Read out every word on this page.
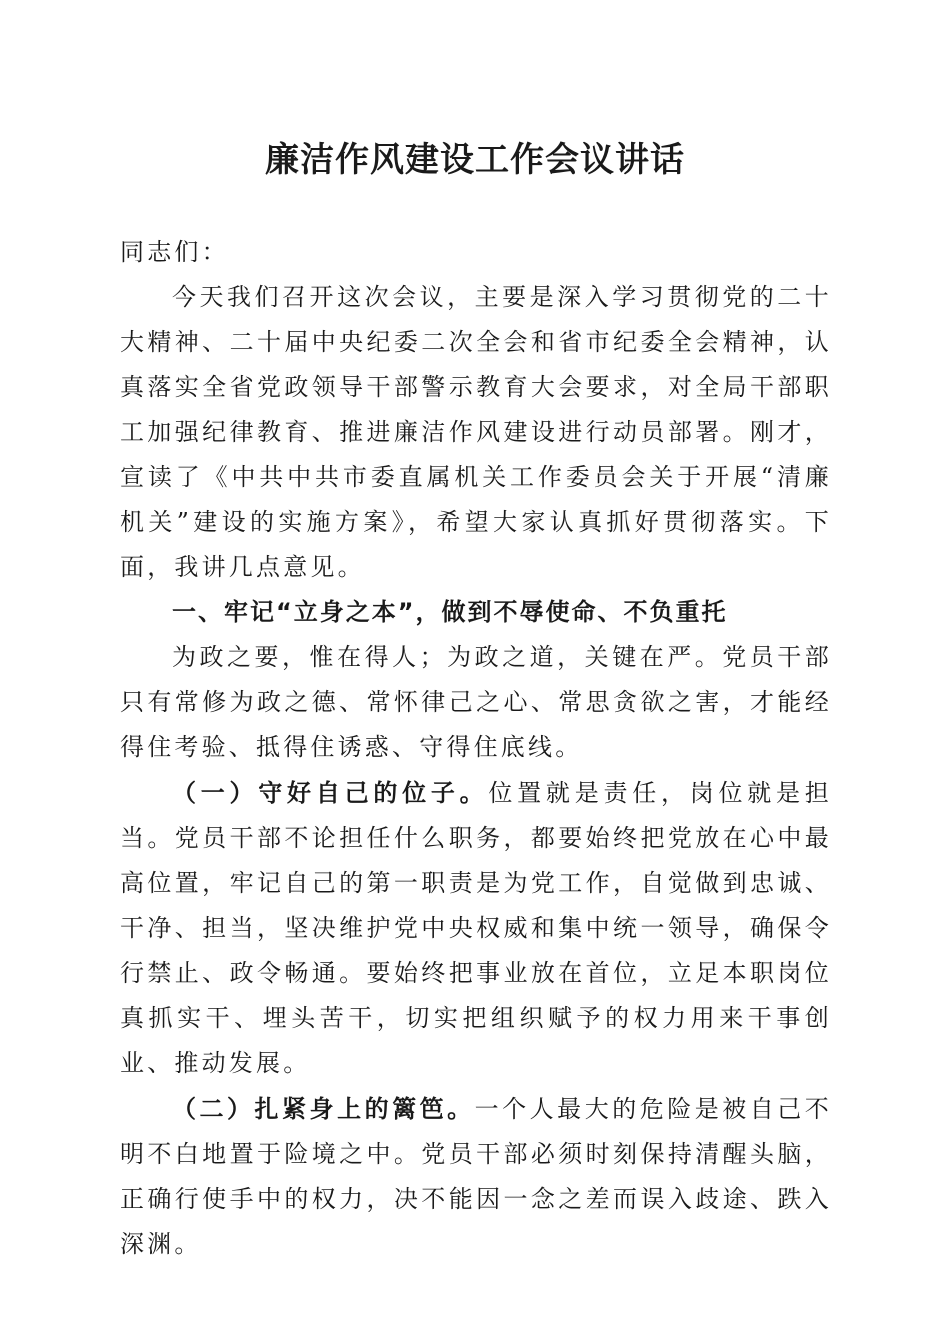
廉洁作风建设工作会议讲话

同志们：

今天我们召开这次会议，主要是深入学习贯彻党的二十大精神、二十届中央纪委二次全会和省市纪委全会精神，认真落实全省党政领导干部警示教育大会要求，对全局干部职工加强纪律教育、推进廉洁作风建设进行动员部署。刚才，宣读了《中共中共市委直属机关工作委员会关于开展“清廉机关”建设的实施方案》，希望大家认真抓好贯彻落实。下面，我讲几点意见。

一、牢记“立身之本”，做到不辱使命、不负重托

为政之要，惟在得人；为政之道，关键在严。党员干部只有常修为政之德、常怀律己之心、常思贪欲之害，才能经得住考验、抵得住诱惑、守得住底线。

（一）守好自己的位子。位置就是责任，岗位就是担当。党员干部不论担任什么职务，都要始终把党放在心中最高位置，牢记自己的第一职责是为党工作，自觉做到忠诚、干净、担当，坚决维护党中央权威和集中统一领导，确保令行禁止、政令畅通。要始终把事业放在首位，立足本职岗位真抓实干、埋头苦干，切实把组织赋予的权力用来干事创业、推动发展。

（二）扎紧身上的篱笆。一个人最大的危险是被自己不明不白地置于险境之中。党员干部必须时刻保持清醒头脑，正确行使手中的权力，决不能因一念之差而误入歧途、跌入深渊。
